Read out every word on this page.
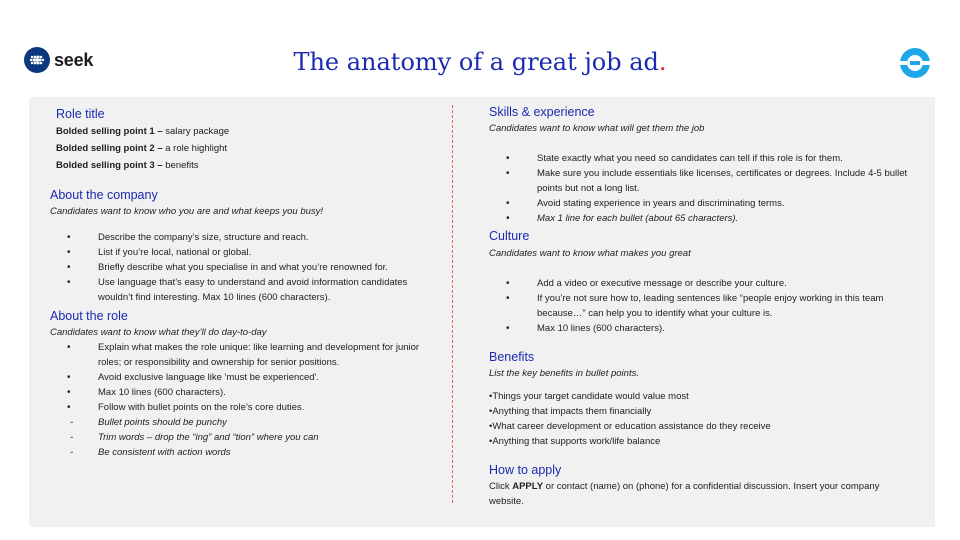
seek	The anatomy of a great job ad.
Role title

Bolded selling point 1 – salary package

Bolded selling point 2 – a role highlight

Bolded selling point 3 – benefits

About the company

Candidates want to know who you are and what keeps you busy!

• Describe the company’s size, structure and reach.
• List if you’re local, national or global.
• Briefly describe what you specialise in and what you’re renowned for.
• Use language that’s easy to understand and avoid information candidates wouldn’t find interesting. Max 10 lines (600 characters).
About the role

Candidates want to know what they’ll do day-to-day

• Explain what makes the role unique: like learning and development for junior roles; or responsibility and ownership for senior positions.
• Avoid exclusive language like 'must be experienced'.
• Max 10 lines (600 characters).
• Follow with bullet points on the role’s core duties.
- Bullet points should be punchy
- Trim words – drop the “ing” and “tion” where you can
- Be consistent with action words
Skills & experience

Candidates want to know what will get them the job

• State exactly what you need so candidates can tell if this role is for them.
• Make sure you include essentials like licenses, certificates or degrees. Include 4-5 bullet points but not a long list.
• Avoid stating experience in years and discriminating terms.
• Max 1 line for each bullet (about 65 characters).
Culture

Candidates want to know what makes you great

• Add a video or executive message or describe your culture.
• If you’re not sure how to, leading sentences like “people enjoy working in this team because…” can help you to identify what your culture is.
• Max 10 lines (600 characters).
Benefits

List the key benefits in bullet points.

•Things your target candidate would value most

•Anything that impacts them financially

•What career development or education assistance do they receive

•Anything that supports work/life balance

How to apply

Click APPLY or contact (name) on (phone) for a confidential discussion. Insert your company website.
